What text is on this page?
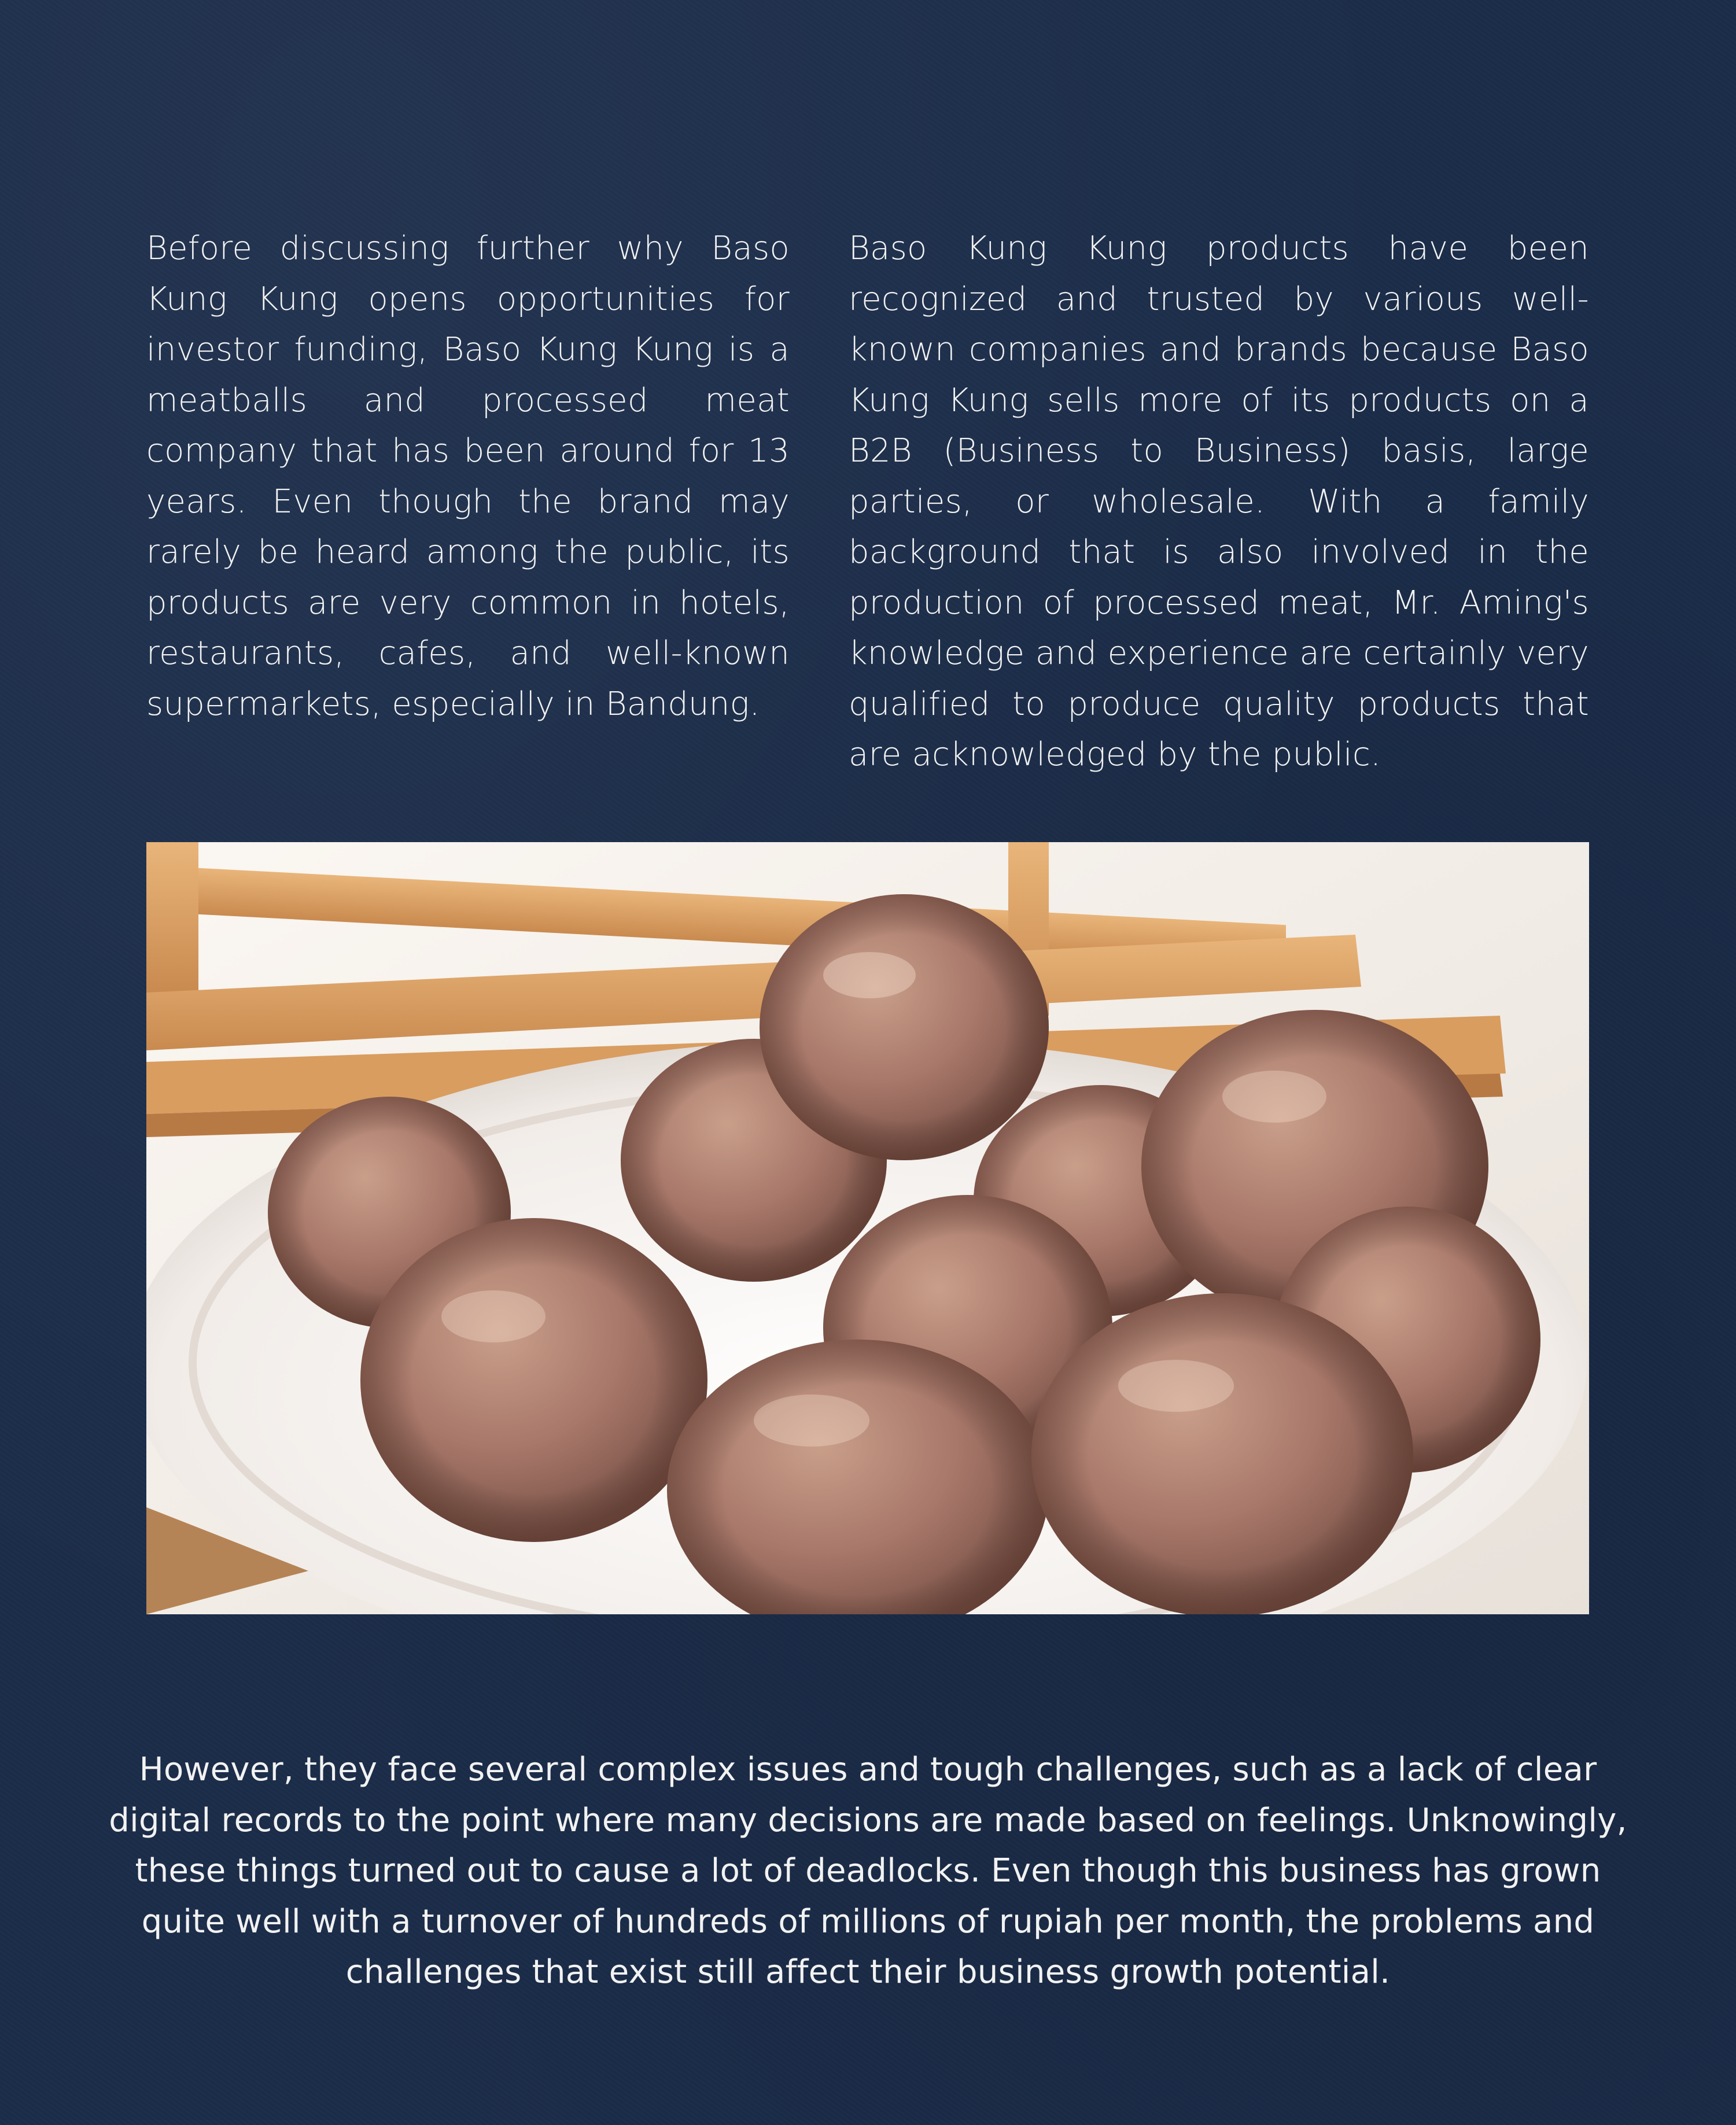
Before discussing further why Baso Kung Kung opens opportunities for investor funding, Baso Kung Kung is a meatballs and processed meat company that has been around for 13 years. Even though the brand may rarely be heard among the public, its products are very common in hotels, restaurants, cafes, and well-known supermarkets, especially in Bandung.

Baso Kung Kung products have been recognized and trusted by various well-known companies and brands because Baso Kung Kung sells more of its products on a B2B (Business to Business) basis, large parties, or wholesale. With a family background that is also involved in the production of processed meat, Mr. Aming's knowledge and experience are certainly very qualified to produce quality products that are acknowledged by the public.

However, they face several complex issues and tough challenges, such as a lack of clear digital records to the point where many decisions are made based on feelings. Unknowingly, these things turned out to cause a lot of deadlocks. Even though this business has grown quite well with a turnover of hundreds of millions of rupiah per month, the problems and challenges that exist still affect their business growth potential.
